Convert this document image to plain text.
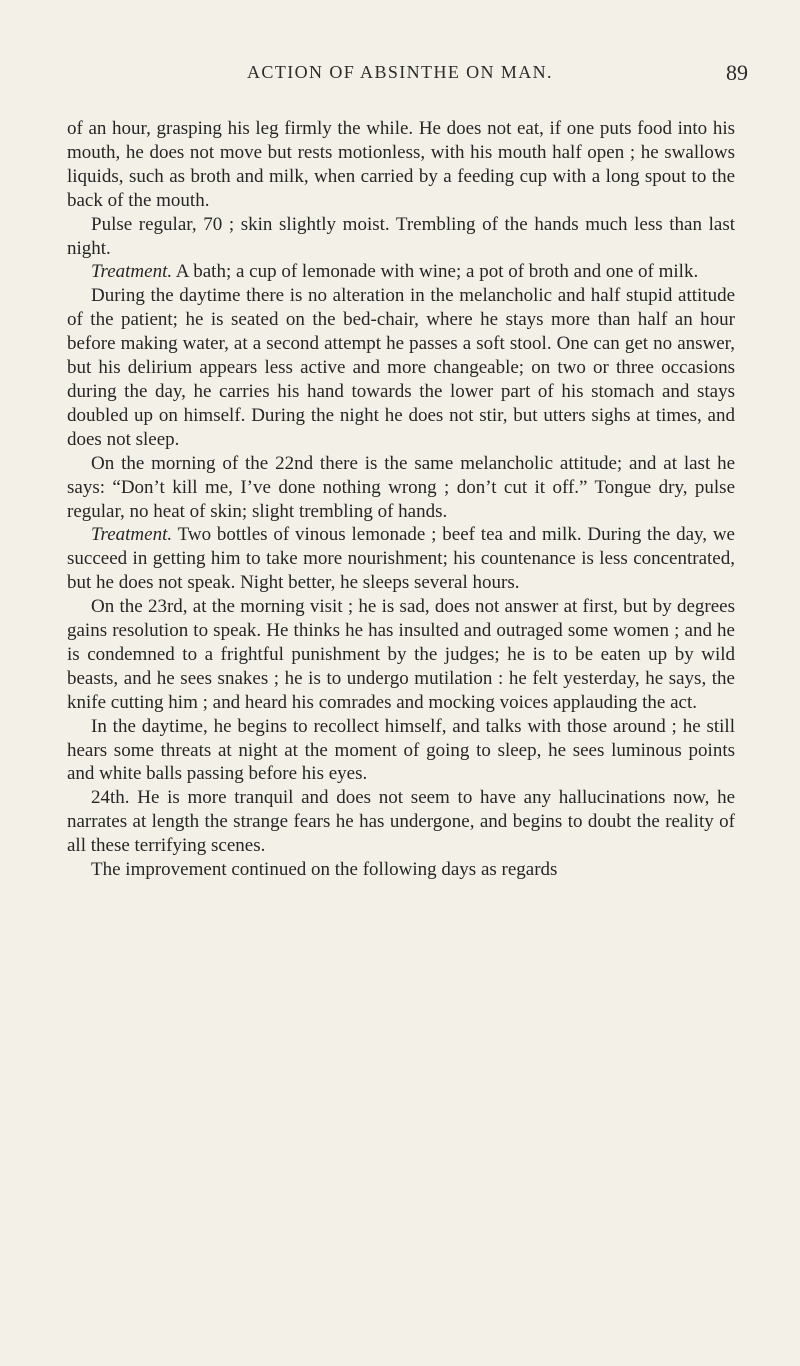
ACTION OF ABSINTHE ON MAN.	89

of an hour, grasping his leg firmly the while. He does not eat, if one puts food into his mouth, he does not move but rests motionless, with his mouth half open ; he swallows liquids, such as broth and milk, when carried by a feeding cup with a long spout to the back of the mouth.

Pulse regular, 70 ; skin slightly moist. Trembling of the hands much less than last night.

Treatment. A bath; a cup of lemonade with wine; a pot of broth and one of milk.

During the daytime there is no alteration in the melancholic and half stupid attitude of the patient; he is seated on the bed-chair, where he stays more than half an hour before making water, at a second attempt he passes a soft stool. One can get no answer, but his delirium appears less active and more changeable; on two or three occasions during the day, he carries his hand towards the lower part of his stomach and stays doubled up on himself. During the night he does not stir, but utters sighs at times, and does not sleep.

On the morning of the 22nd there is the same melancholic attitude; and at last he says: “Don’t kill me, I’ve done nothing wrong ; don’t cut it off.” Tongue dry, pulse regular, no heat of skin; slight trembling of hands.

Treatment. Two bottles of vinous lemonade ; beef tea and milk. During the day, we succeed in getting him to take more nourishment; his countenance is less concentrated, but he does not speak. Night better, he sleeps several hours.

On the 23rd, at the morning visit ; he is sad, does not answer at first, but by degrees gains resolution to speak. He thinks he has insulted and outraged some women ; and he is condemned to a frightful punishment by the judges; he is to be eaten up by wild beasts, and he sees snakes ; he is to undergo mutilation : he felt yesterday, he says, the knife cutting him ; and heard his comrades and mocking voices applauding the act.

In the daytime, he begins to recollect himself, and talks with those around ; he still hears some threats at night at the moment of going to sleep, he sees luminous points and white balls passing before his eyes.

24th. He is more tranquil and does not seem to have any hallucinations now, he narrates at length the strange fears he has undergone, and begins to doubt the reality of all these terrifying scenes.

The improvement continued on the following days as regards
